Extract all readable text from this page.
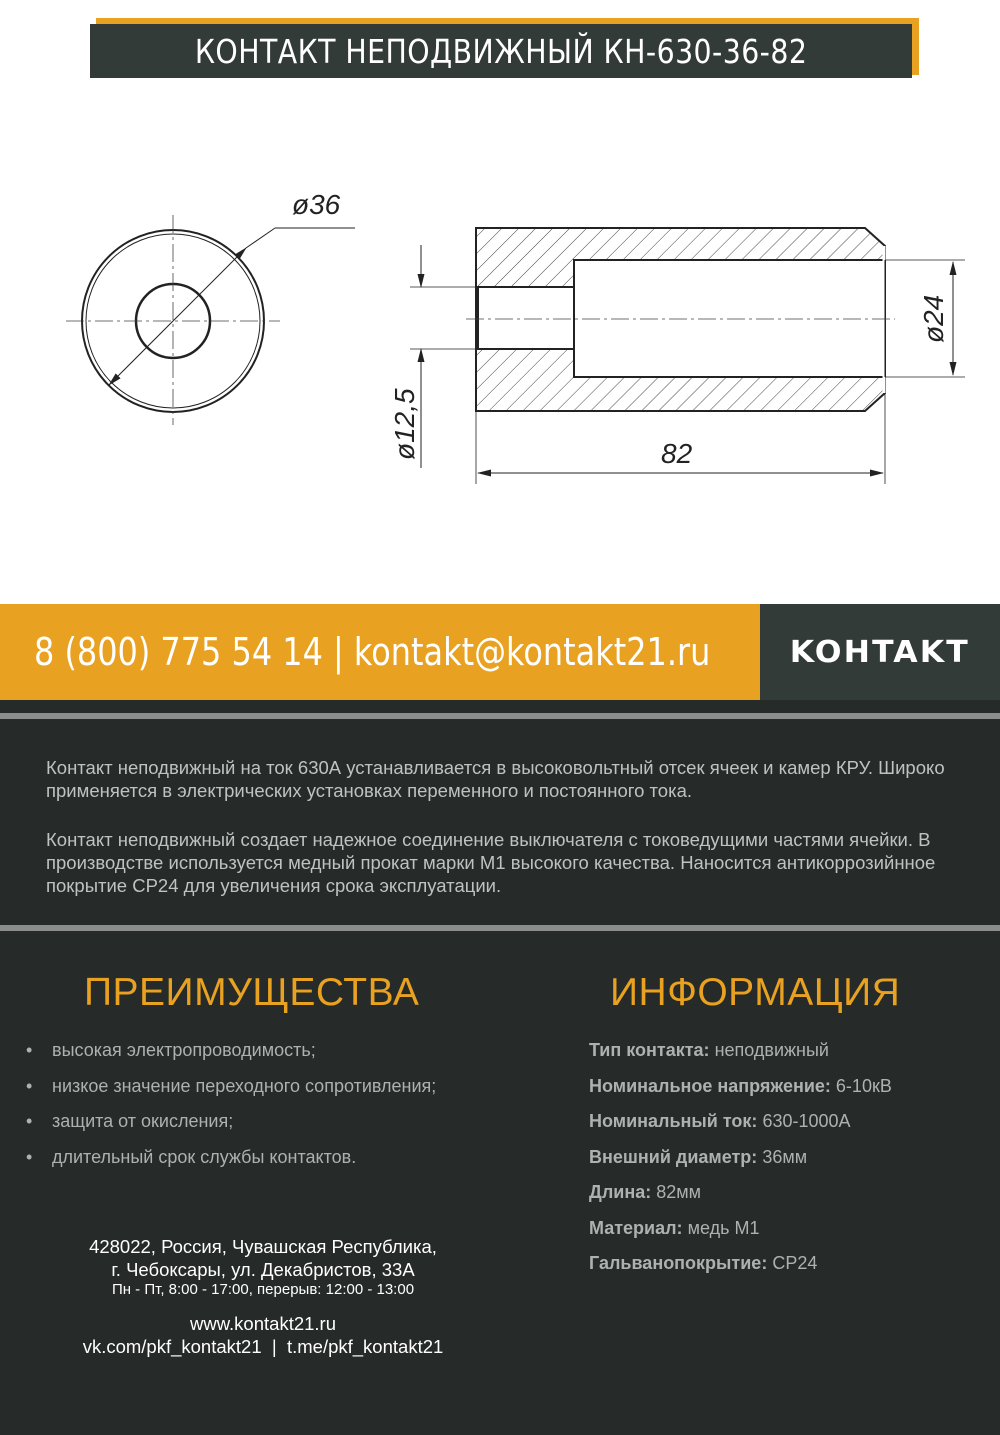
КОНТАКТ НЕПОДВИЖНЫЙ КН-630-36-82
ø36
ø12,5
ø24
82
8 (800) 775 54 14 | kontakt@kontakt21.ru	KOHTAKT
Контакт неподвижный на ток 630А устанавливается в высоковольтный отсек ячеек и камер КРУ. Широко применяется в электрических установках переменного и постоянного тока.
Контакт неподвижный создает надежное соединение выключателя с токоведущими частями ячейки. В производстве используется медный прокат марки М1 высокого качества. Наносится антикоррозийнное покрытие СР24 для увеличения срока эксплуатации.
ПРЕИМУЩЕСТВА	ИНФОРМАЦИЯ
•	высокая электропроводимость;
•	низкое значение переходного сопротивления;
•	защита от окисления;
•	длительный срок службы контактов.
Тип контакта: неподвижный
Номинальное напряжение: 6-10кВ
Номинальный ток: 630-1000А
Внешний диаметр: 36мм
Длина: 82мм
Материал: медь М1
Гальванопокрытие: СР24
428022, Россия, Чувашская Республика,
г. Чебоксары, ул. Декабристов, 33А
Пн - Пт, 8:00 - 17:00, перерыв: 12:00 - 13:00
www.kontakt21.ru
vk.com/pkf_kontakt21  |  t.me/pkf_kontakt21
